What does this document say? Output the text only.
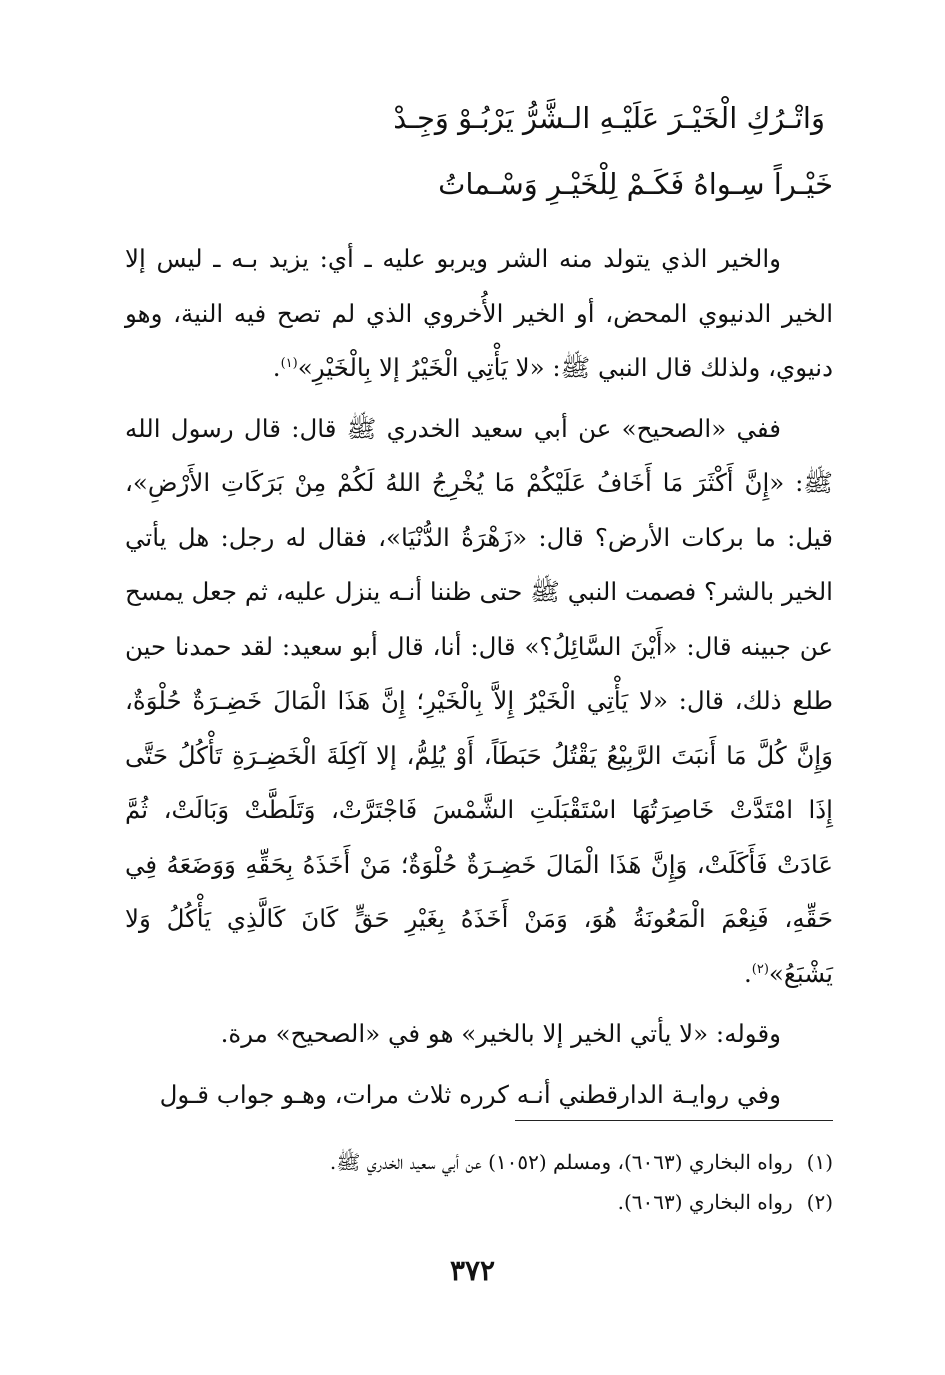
وَاتْـرُكِ الْخَيْـرَ عَلَيْـهِ الـشَّرُّ يَرْبُـوْ وَجِـدْ
خَيْـراً سِـواهُ فَكَـمْ لِلْخَيْـرِ وَسْـماتُ

والخير الذي يتولد منه الشر ويربو عليه ـ أي: يزيد بـه ـ ليس إلا الخير الدنيوي المحض، أو الخير الأُخروي الذي لم تصح فيه النية، وهو دنيوي، ولذلك قال النبي ﷺ: «لا يَأْتِي الْخَيْرُ إلا بِالْخَيْرِ»$^{(١)}$.

ففي «الصحيح» عن أبي سعيد الخدري ﷺ قال: قال رسول الله ﷺ: «إِنَّ أَكْثَرَ مَا أَخَافُ عَلَيْكُمْ مَا يُخْرِجُ اللهُ لَكُمْ مِنْ بَرَكَاتِ الأَرْضِ»، قيل: ما بركات الأرض؟ قال: «زَهْرَةُ الدُّنْيَا»، فقال له رجل: هل يأتي الخير بالشر؟ فصمت النبي ﷺ حتى ظننا أنـه ينزل عليه، ثم جعل يمسح عن جبينه قال: «أَيْنَ السَّائِلُ؟» قال: أنا، قال أبو سعيد: لقد حمدنا حين طلع ذلك، قال: «لا يَأْتِي الْخَيْرُ إِلاَّ بِالْخَيْرِ؛ إِنَّ هَذَا الْمَالَ خَضِـرَةٌ حُلْوَةٌ، وَإِنَّ كُلَّ مَا أَنبَتَ الرَّبِيْعُ يَقْتُلُ حَبَطَاً، أَوْ يُلِمُّ، إلا آكِلَةَ الْخَضِـرَةِ تَأْكُلُ حَتَّى إِذَا امْتَدَّتْ خَاصِرَتُهَا اسْتَقْبَلَتِ الشَّمْسَ فَاجْتَرَّتْ، وَتَلَطَّتْ وَبَالَتْ، ثُمَّ عَادَتْ فَأَكَلَتْ، وَإِنَّ هَذَا الْمَالَ خَضِـرَةٌ حُلْوَةٌ؛ مَنْ أَخَذَهُ بِحَقِّهِ وَوَضَعَهُ فِي حَقِّهِ، فَنِعْمَ الْمَعُونَةُ هُوَ، وَمَنْ أَخَذَهُ بِغَيْرِ حَقٍّ كَانَ كَالَّذِي يَأْكُلُ وَلا يَشْبَعُ»$^{(٢)}$.

وقوله: «لا يأتي الخير إلا بالخير» هو في «الصحيح» مرة.

وفي روايـة الدارقطني أنـه كرره ثلاث مرات، وهـو جواب قـول

(١)رواه البخاري (٦٠٦٣)، ومسلم (١٠٥٢) عن أبي سعيد الخدري ﷺ.
(٢)رواه البخاري (٦٠٦٣).
٣٧٢
